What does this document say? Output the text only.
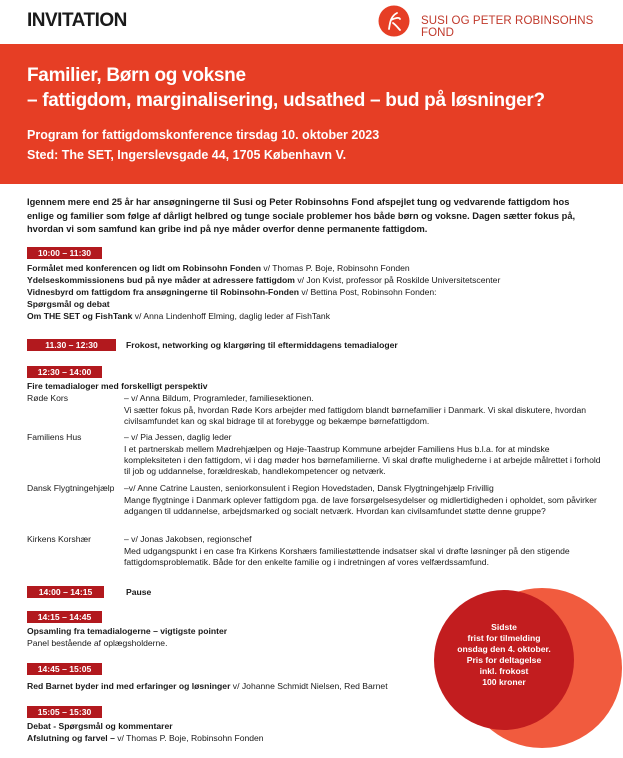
INVITATION	SUSI OG PETER ROBINSOHNS FOND
Familier, Børn og voksne
– fattigdom, marginalisering, udsathed – bud på løsninger?
Program for fattigdomskonference tirsdag 10. oktober 2023
Sted: The SET, Ingerslevsgade 44, 1705 København V.
Igennem mere end 25 år har ansøgningerne til Susi og Peter Robinsohns Fond afspejlet tung og vedvarende fattigdom hos enlige og familier som følge af dårligt helbred og tunge sociale problemer hos både børn og voksne. Dagen sætter fokus på, hvordan vi som samfund kan gribe ind på nye måder overfor denne permanente fattigdom.
10:00 – 11:30
Formålet med konferencen og lidt om Robinsohn Fonden v/ Thomas P. Boje, Robinsohn Fonden
Ydelseskommissionens bud på nye måder at adressere fattigdom v/ Jon Kvist, professor på Roskilde Universitetscenter
Vidnesbyrd om fattigdom fra ansøgningerne til Robinsohn-Fonden v/ Bettina Post, Robinsohn Fonden:
Spørgsmål og debat
Om THE SET og FishTank v/ Anna Lindenhoff Elming, daglig leder af FishTank
11.30 – 12:30	Frokost, networking og klargøring til eftermiddagens temadialoger
12:30 – 14:00
Fire temadialoger med forskelligt perspektiv
Røde Kors	– v/ Anna Bildum, Programleder, familiesektionen.
Vi sætter fokus på, hvordan Røde Kors arbejder med fattigdom blandt børnefamilier i Danmark. Vi skal diskutere, hvordan civilsamfundet kan og skal bidrage til at forebygge og bekæmpe børnefattigdom.
Familiens Hus	– v/ Pia Jessen, daglig leder
I et partnerskab mellem Mødrehjælpen og Høje-Taastrup Kommune arbejder Familiens Hus b.l.a. for at mindske kompleksiteten i den fattigdom, vi i dag møder hos børnefamilierne. Vi skal drøfte mulighederne i at arbejde målrettet i forhold til job og uddannelse, forældreskab, handlekompetencer og netværk.
Dansk Flygtningehjælp –v/ Anne Catrine Lausten, seniorkonsulent i Region Hovedstaden, Dansk Flygtningehjælp Frivillig
Mange flygtninge i Danmark oplever fattigdom pga. de lave forsørgelsesydelser og midlertidigheden i opholdet, som påvirker adgangen til uddannelse, arbejdsmarked og socialt netværk. Hvordan kan civilsamfundet støtte denne gruppe?
Kirkens Korshær	– v/ Jonas Jakobsen, regionschef
Med udgangspunkt i en case fra Kirkens Korshærs familiestøttende indsatser skal vi drøfte løsninger på den stigende fattigdomsproblematik. Både for den enkelte familie og i indretningen af vores velfærdssamfund.
14:00 – 14:15	Pause
14:15 – 14:45
Opsamling fra temadialogerne – vigtigste pointer
Panel bestående af oplægsholderne.
14:45 – 15:05
Red Barnet byder ind med erfaringer og løsninger v/ Johanne Schmidt Nielsen, Red Barnet
15:05 – 15:30
Debat - Spørgsmål og kommentarer
Afslutning og farvel – v/ Thomas P. Boje, Robinsohn Fonden
Sidste
frist for tilmelding
onsdag den 4. oktober.
Pris for deltagelse
inkl. frokost
100 kroner
